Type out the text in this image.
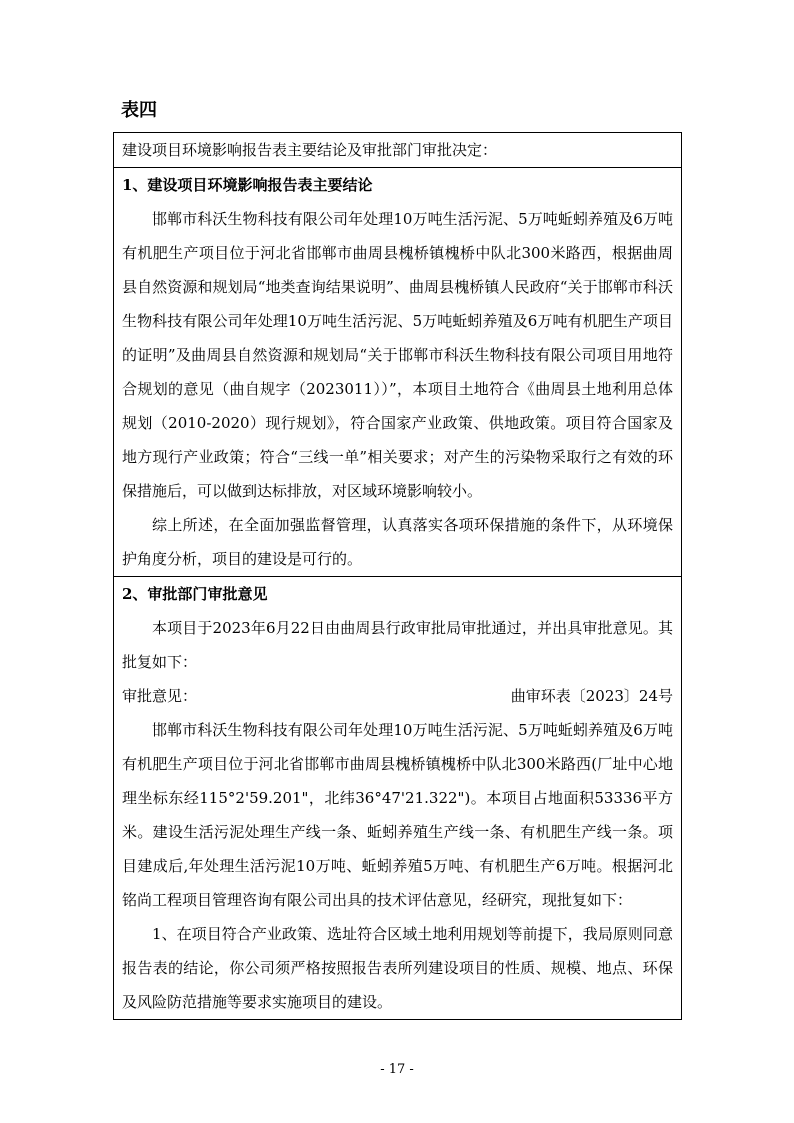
表四
建设项目环境影响报告表主要结论及审批部门审批决定：
1、建设项目环境影响报告表主要结论
邯郸市科沃生物科技有限公司年处理10万吨生活污泥、5万吨蚯蚓养殖及6万吨有机肥生产项目位于河北省邯郸市曲周县槐桥镇槐桥中队北300米路西，根据曲周县自然资源和规划局“地类查询结果说明”、曲周县槐桥镇人民政府“关于邯郸市科沃生物科技有限公司年处理10万吨生活污泥、5万吨蚯蚓养殖及6万吨有机肥生产项目的证明”及曲周县自然资源和规划局“关于邯郸市科沃生物科技有限公司项目用地符合规划的意见（曲自规字（2023011））”，本项目土地符合《曲周县土地利用总体规划（2010-2020）现行规划》，符合国家产业政策、供地政策。项目符合国家及地方现行产业政策；符合“三线一单”相关要求；对产生的污染物采取行之有效的环保措施后，可以做到达标排放，对区域环境影响较小。
综上所述，在全面加强监督管理，认真落实各项环保措施的条件下，从环境保护角度分析，项目的建设是可行的。
2、审批部门审批意见
本项目于2023年6月22日由曲周县行政审批局审批通过，并出具审批意见。其批复如下：
审批意见：	曲审环表〔2023〕24号
邯郸市科沃生物科技有限公司年处理10万吨生活污泥、5万吨蚯蚓养殖及6万吨有机肥生产项目位于河北省邯郸市曲周县槐桥镇槐桥中队北300米路西(厂址中心地理坐标东经115°2'59.201"，北纬36°47'21.322")。本项目占地面积53336平方米。建设生活污泥处理生产线一条、蚯蚓养殖生产线一条、有机肥生产线一条。项目建成后,年处理生活污泥10万吨、蚯蚓养殖5万吨、有机肥生产6万吨。根据河北铭尚工程项目管理咨询有限公司出具的技术评估意见，经研究，现批复如下：
1、在项目符合产业政策、选址符合区域土地利用规划等前提下，我局原则同意报告表的结论，你公司须严格按照报告表所列建设项目的性质、规模、地点、环保及风险防范措施等要求实施项目的建设。
- 17 -
